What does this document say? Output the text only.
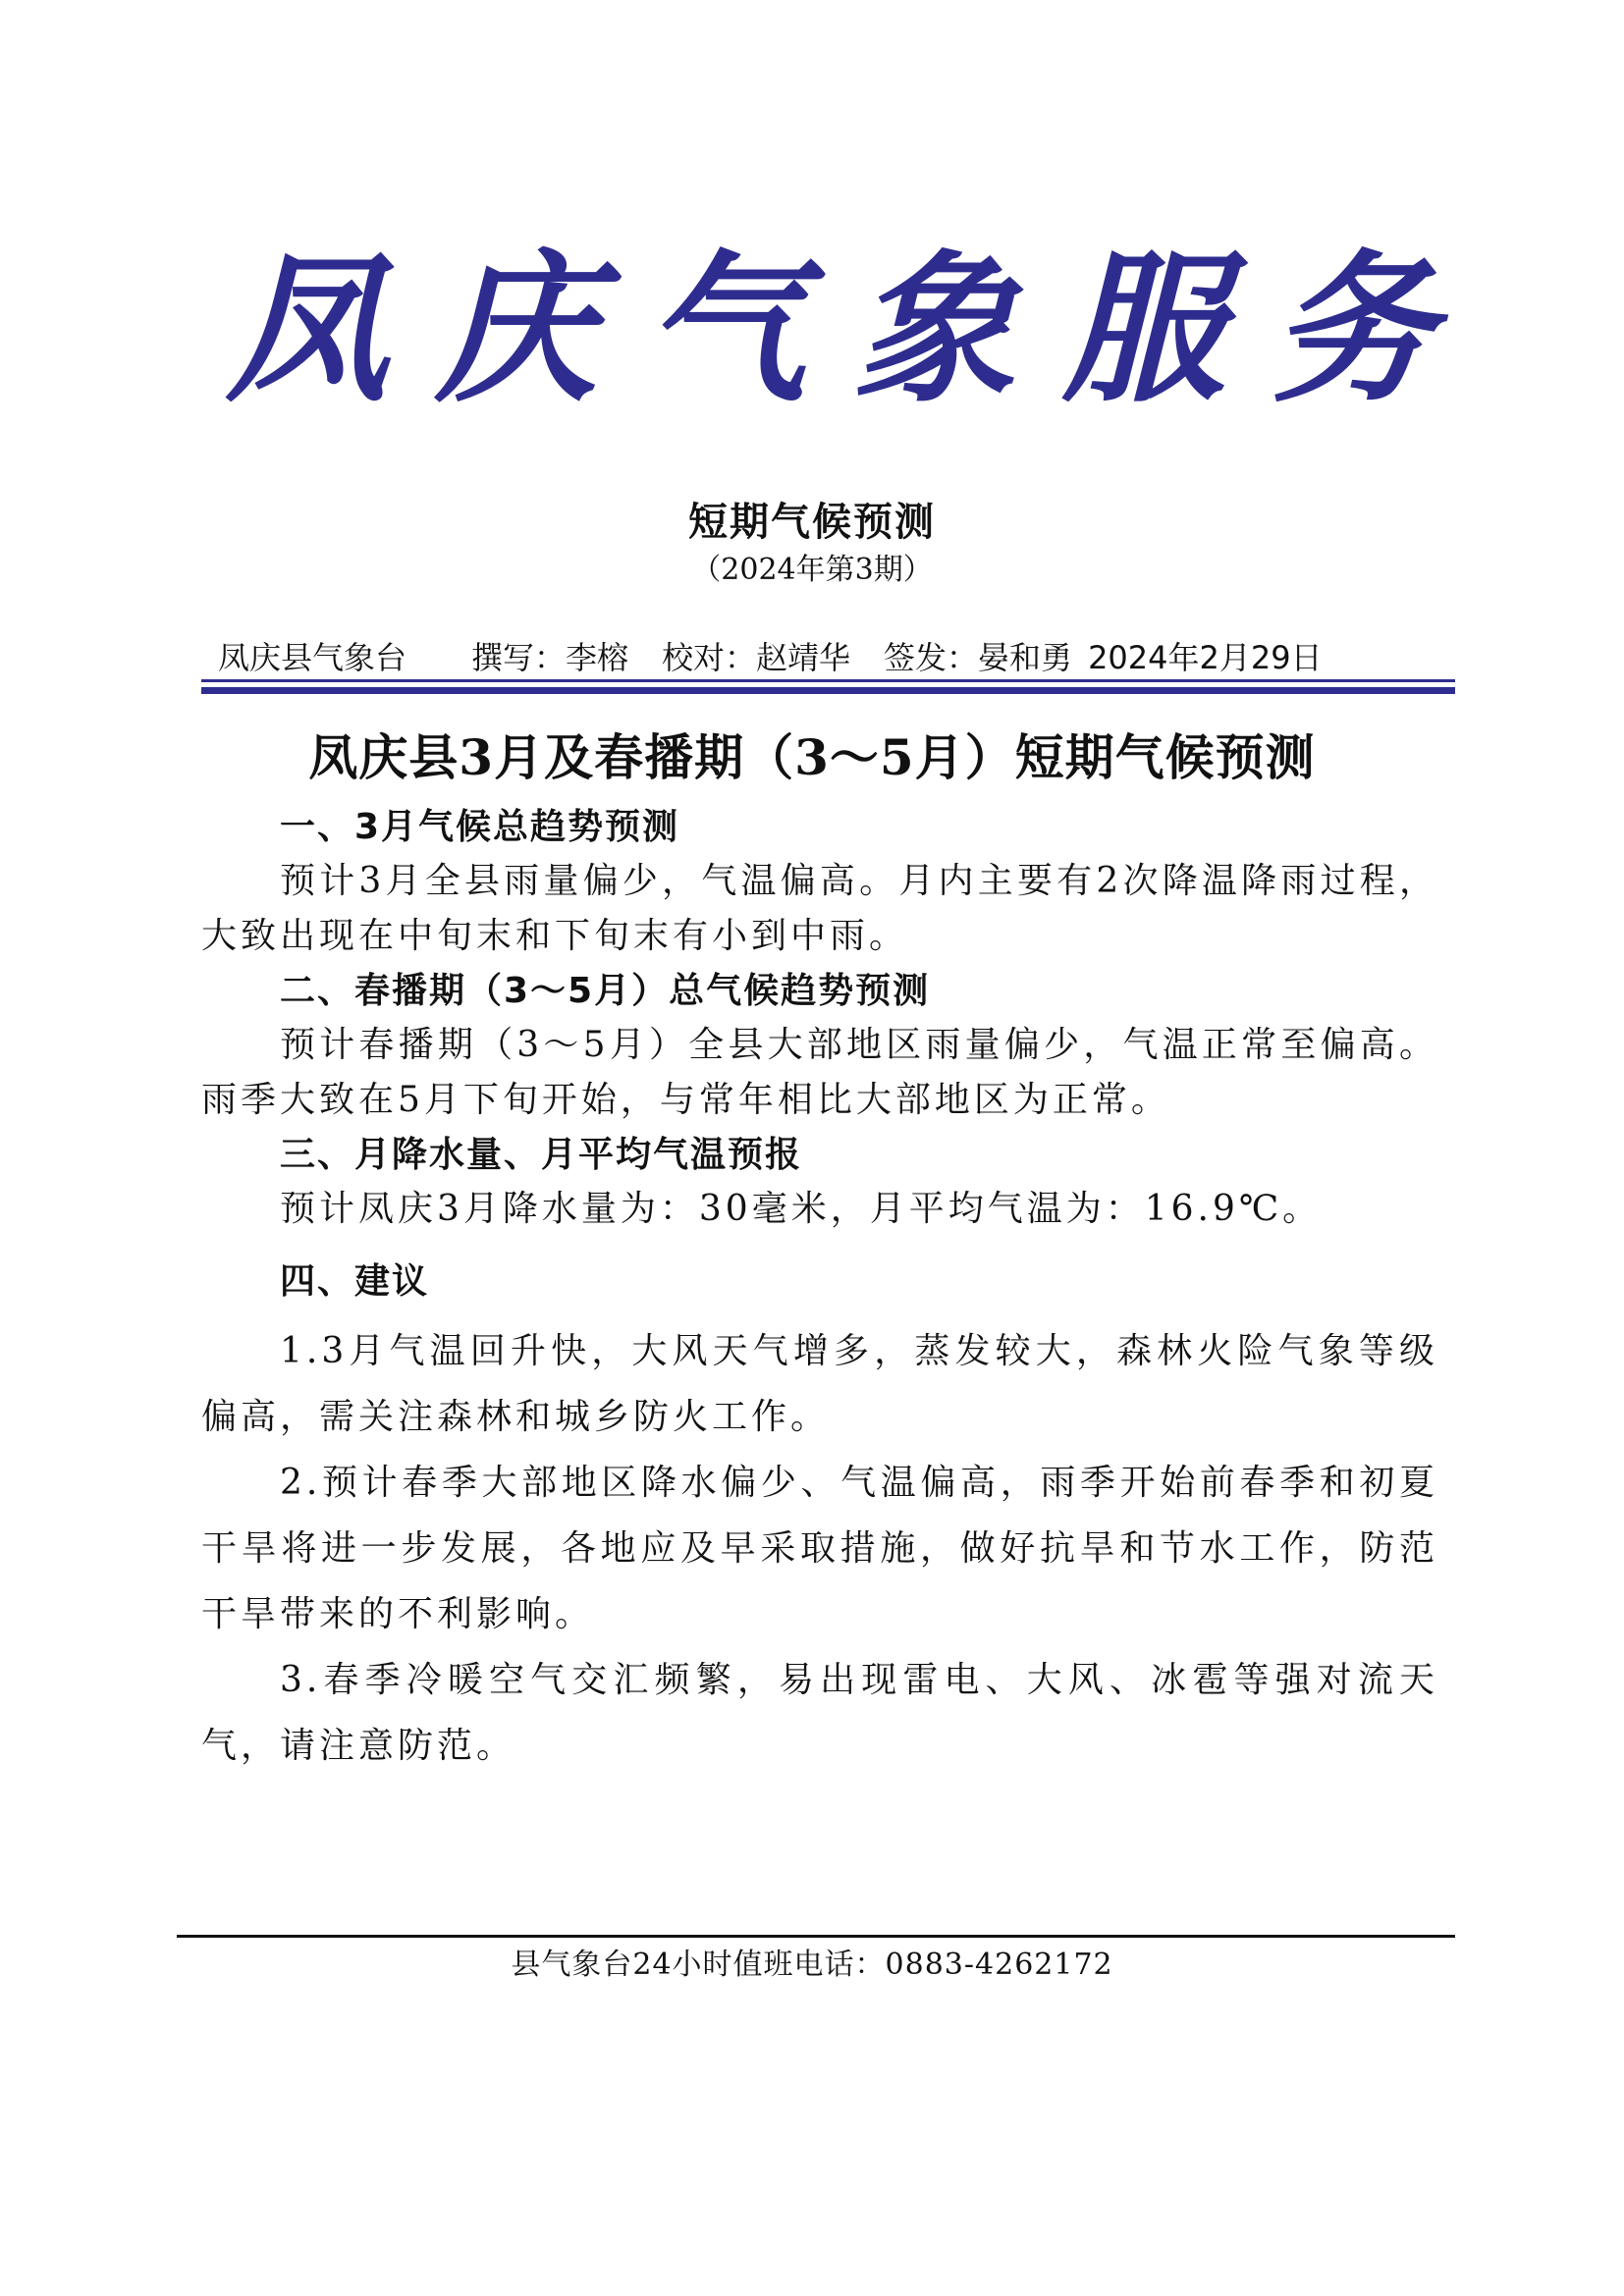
凤 庆 气 象 服 务
短期气候预测
（2024年第3期）
凤庆县气象台 撰写：李榕 校对：赵靖华 签发：晏和勇 2024年2月29日
凤庆县3月及春播期（3～5月）短期气候预测
一、3月气候总趋势预测
预计3月全县雨量偏少，气温偏高。月内主要有2次降温降雨过程，大致出现在中旬末和下旬末有小到中雨。
二、春播期（3～5月）总气候趋势预测
预计春播期（3～5月）全县大部地区雨量偏少，气温正常至偏高。雨季大致在5月下旬开始，与常年相比大部地区为正常。
三、月降水量、月平均气温预报
预计凤庆3月降水量为：30毫米，月平均气温为：16.9℃。
四、建议
1.3月气温回升快，大风天气增多，蒸发较大，森林火险气象等级偏高，需关注森林和城乡防火工作。
2.预计春季大部地区降水偏少、气温偏高，雨季开始前春季和初夏干旱将进一步发展，各地应及早采取措施，做好抗旱和节水工作，防范干旱带来的不利影响。
3.春季冷暖空气交汇频繁，易出现雷电、大风、冰雹等强对流天气，请注意防范。
县气象台24小时值班电话：0883-4262172
